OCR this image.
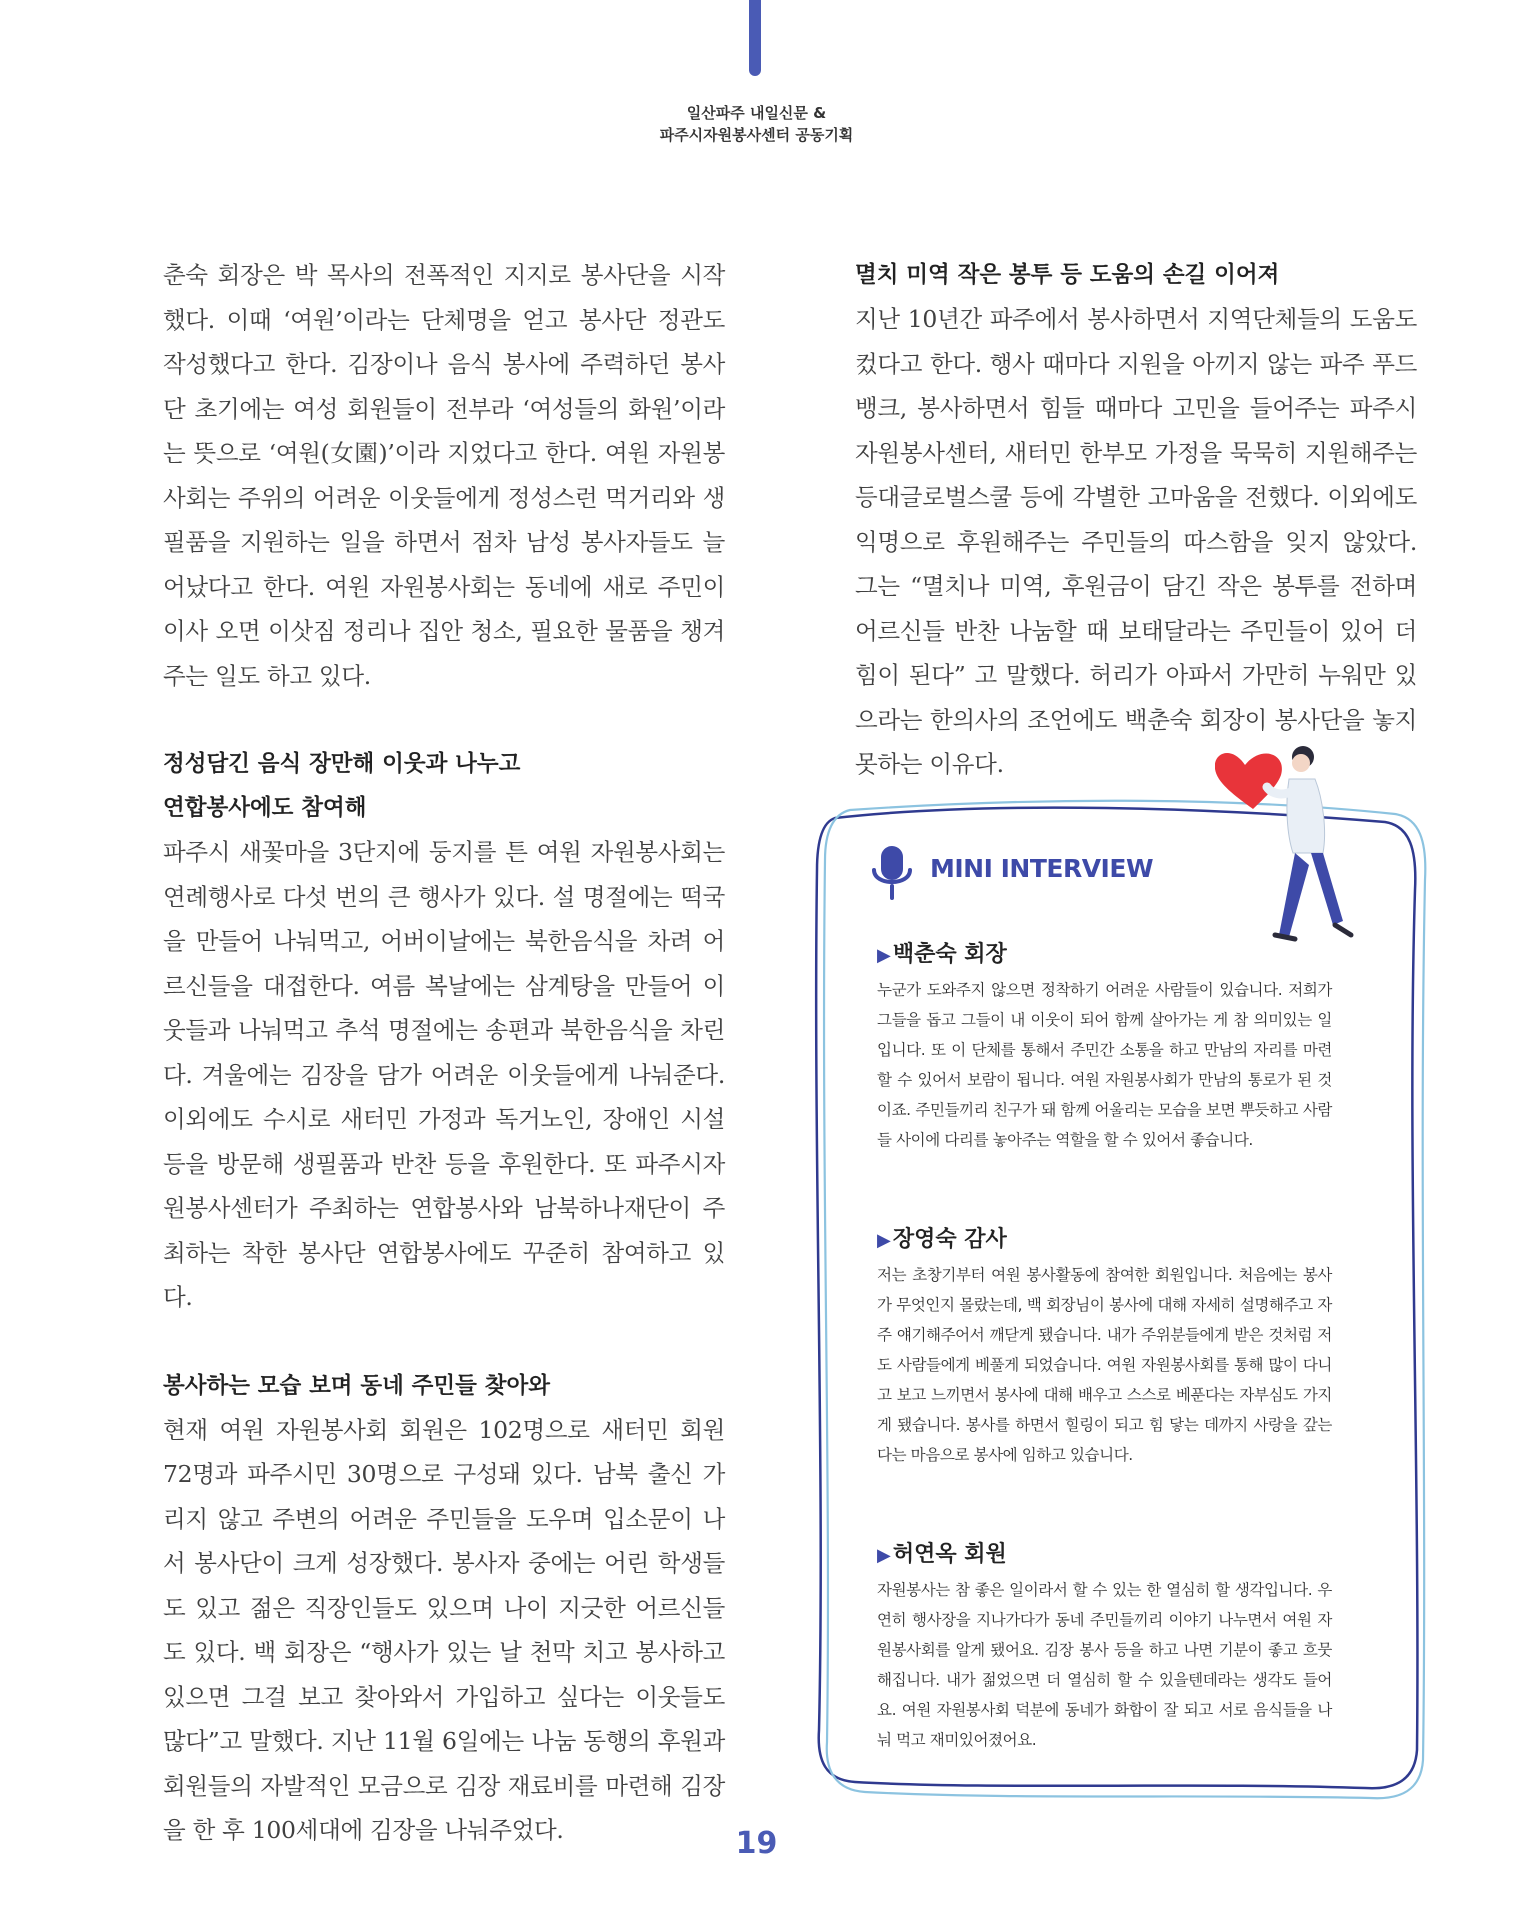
일산파주 내일신문 &
파주시자원봉사센터 공동기획

춘숙 회장은 박 목사의 전폭적인 지지로 봉사단을 시작했다. 이때 ‘여원’이라는 단체명을 얻고 봉사단 정관도 작성했다고 한다. 김장이나 음식 봉사에 주력하던 봉사단 초기에는 여성 회원들이 전부라 ‘여성들의 화원’이라는 뜻으로 ‘여원(女園)’이라 지었다고 한다. 여원 자원봉사회는 주위의 어려운 이웃들에게 정성스런 먹거리와 생필품을 지원하는 일을 하면서 점차 남성 봉사자들도 늘어났다고 한다. 여원 자원봉사회는 동네에 새로 주민이 이사 오면 이삿짐 정리나 집안 청소, 필요한 물품을 챙겨 주는 일도 하고 있다.

정성담긴 음식 장만해 이웃과 나누고

연합봉사에도 참여해

파주시 새꽃마을 3단지에 둥지를 튼 여원 자원봉사회는 연례행사로 다섯 번의 큰 행사가 있다. 설 명절에는 떡국을 만들어 나눠먹고, 어버이날에는 북한음식을 차려 어르신들을 대접한다. 여름 복날에는 삼계탕을 만들어 이웃들과 나눠먹고 추석 명절에는 송편과 북한음식을 차린다. 겨울에는 김장을 담가 어려운 이웃들에게 나눠준다. 이외에도 수시로 새터민 가정과 독거노인, 장애인 시설 등을 방문해 생필품과 반찬 등을 후원한다. 또 파주시자원봉사센터가 주최하는 연합봉사와 남북하나재단이 주최하는 착한 봉사단 연합봉사에도 꾸준히 참여하고 있다.

봉사하는 모습 보며 동네 주민들 찾아와

현재 여원 자원봉사회 회원은 102명으로 새터민 회원 72명과 파주시민 30명으로 구성돼 있다. 남북 출신 가리지 않고 주변의 어려운 주민들을 도우며 입소문이 나서 봉사단이 크게 성장했다. 봉사자 중에는 어린 학생들도 있고 젊은 직장인들도 있으며 나이 지긋한 어르신들도 있다. 백 회장은 “행사가 있는 날 천막 치고 봉사하고 있으면 그걸 보고 찾아와서 가입하고 싶다는 이웃들도 많다”고 말했다. 지난 11월 6일에는 나눔 동행의 후원과 회원들의 자발적인 모금으로 김장 재료비를 마련해 김장을 한 후 100세대에 김장을 나눠주었다.

멸치 미역 작은 봉투 등 도움의 손길 이어져

지난 10년간 파주에서 봉사하면서 지역단체들의 도움도 컸다고 한다. 행사 때마다 지원을 아끼지 않는 파주 푸드뱅크, 봉사하면서 힘들 때마다 고민을 들어주는 파주시자원봉사센터, 새터민 한부모 가정을 묵묵히 지원해주는 등대글로벌스쿨 등에 각별한 고마움을 전했다. 이외에도 익명으로 후원해주는 주민들의 따스함을 잊지 않았다. 그는 “멸치나 미역, 후원금이 담긴 작은 봉투를 전하며 어르신들 반찬 나눔할 때 보태달라는 주민들이 있어 더 힘이 된다” 고 말했다. 허리가 아파서 가만히 누워만 있으라는 한의사의 조언에도 백춘숙 회장이 봉사단을 놓지 못하는 이유다.

MINI INTERVIEW

▶백춘숙 회장

누군가 도와주지 않으면 정착하기 어려운 사람들이 있습니다. 저희가 그들을 돕고 그들이 내 이웃이 되어 함께 살아가는 게 참 의미있는 일입니다. 또 이 단체를 통해서 주민간 소통을 하고 만남의 자리를 마련할 수 있어서 보람이 됩니다. 여원 자원봉사회가 만남의 통로가 된 것이죠. 주민들끼리 친구가 돼 함께 어울리는 모습을 보면 뿌듯하고 사람들 사이에 다리를 놓아주는 역할을 할 수 있어서 좋습니다.

▶장영숙 감사

저는 초창기부터 여원 봉사활동에 참여한 회원입니다. 처음에는 봉사가 무엇인지 몰랐는데, 백 회장님이 봉사에 대해 자세히 설명해주고 자주 얘기해주어서 깨닫게 됐습니다. 내가 주위분들에게 받은 것처럼 저도 사람들에게 베풀게 되었습니다. 여원 자원봉사회를 통해 많이 다니고 보고 느끼면서 봉사에 대해 배우고 스스로 베푼다는 자부심도 가지게 됐습니다. 봉사를 하면서 힐링이 되고 힘 닿는 데까지 사랑을 갚는다는 마음으로 봉사에 임하고 있습니다.

▶허연옥 회원

자원봉사는 참 좋은 일이라서 할 수 있는 한 열심히 할 생각입니다. 우연히 행사장을 지나가다가 동네 주민들끼리 이야기 나누면서 여원 자원봉사회를 알게 됐어요. 김장 봉사 등을 하고 나면 기분이 좋고 흐뭇해집니다. 내가 젊었으면 더 열심히 할 수 있을텐데라는 생각도 들어요. 여원 자원봉사회 덕분에 동네가 화합이 잘 되고 서로 음식들을 나눠 먹고 재미있어졌어요.

19
